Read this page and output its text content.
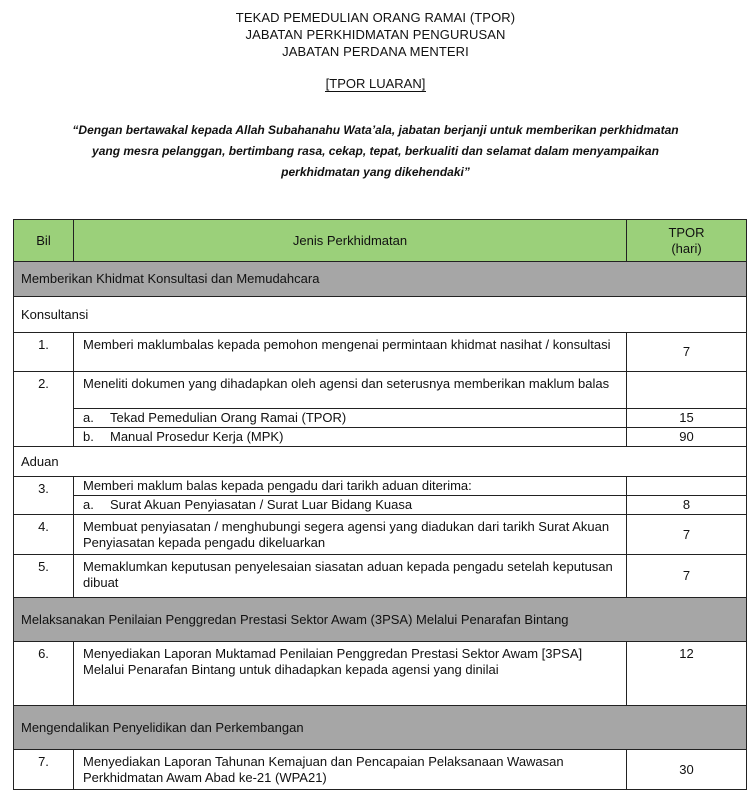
TEKAD PEMEDULIAN ORANG RAMAI (TPOR)
JABATAN PERKHIDMATAN PENGURUSAN
JABATAN PERDANA MENTERI
[ TPOR LUARAN ]
“Dengan bertawakal kepada Allah Subahanahu Wata’ala, jabatan berjanji untuk memberikan perkhidmatan yang mesra pelanggan, bertimbang rasa, cekap, tepat, berkualiti dan selamat dalam menyampaikan perkhidmatan yang dikehendaki”
Bil	Jenis Perkhidmatan	TPOR
(hari)

Memberikan Khidmat Konsultasi dan Memudahcara		
Konsultansi		
1.	Memberi maklumbalas kepada pemohon mengenai permintaan khidmat nasihat / konsultasi	7
2.	Meneliti dokumen yang dihadapkan oleh agensi dan seterusnya memberikan maklum balas	
	a. Tekad Pemedulian Orang Ramai (TPOR)	15
	b. Manual Prosedur Kerja (MPK)	90
Aduan		
3.	Memberi maklum balas kepada pengadu dari tarikh aduan diterima:	
	a. Surat Akuan Penyiasatan / Surat Luar Bidang Kuasa	8
4.	Membuat penyiasatan / menghubungi segera agensi yang diadukan dari tarikh Surat Akuan Penyiasatan kepada pengadu dikeluarkan	7
5.	Memaklumkan keputusan penyelesaian siasatan aduan kepada pengadu setelah keputusan dibuat	7
Melaksanakan Penilaian Penggredan Prestasi Sektor Awam (3PSA) Melalui Penarafan Bintang		
6.	Menyediakan Laporan Muktamad Penilaian Penggredan Prestasi Sektor Awam [3PSA] Melalui Penarafan Bintang untuk dihadapkan kepada agensi yang dinilai	12
Mengendalikan Penyelidikan dan Perkembangan		
7.	Menyediakan Laporan Tahunan Kemajuan dan Pencapaian Pelaksanaan Wawasan Perkhidmatan Awam Abad ke-21 (WPA21)	30
